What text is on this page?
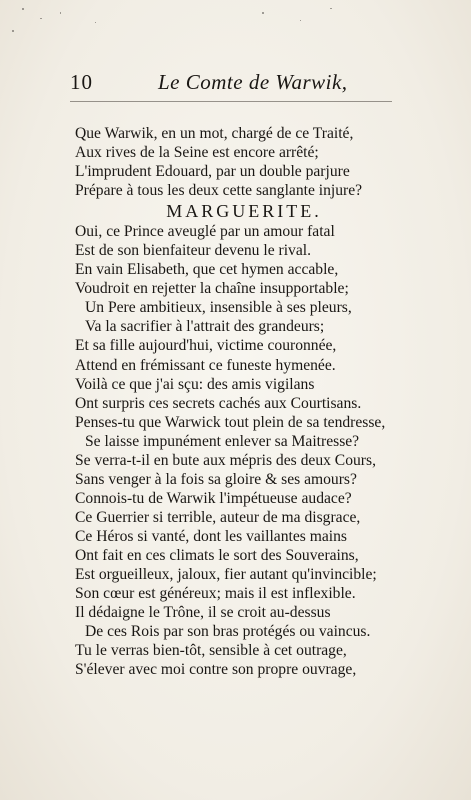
10	Le Comte de Warwik,
Que Warwik, en un mot, chargé de ce Traité,
Aux rives de la Seine est encore arrêté;
L'imprudent Edouard, par un double parjure
Prépare à tous les deux cette sanglante injure?
MARGUERITE.
Oui, ce Prince aveuglé par un amour fatal
Est de son bienfaiteur devenu le rival.
En vain Elisabeth, que cet hymen accable,
Voudroit en rejetter la chaîne insupportable;
Un Pere ambitieux, insensible à ses pleurs,
Va la sacrifier à l'attrait des grandeurs;
Et sa fille aujourd'hui, victime couronnée,
Attend en frémissant ce funeste hymenée.
Voilà ce que j'ai sçu: des amis vigilans
Ont surpris ces secrets cachés aux Courtisans.
Penses-tu que Warwick tout plein de sa tendresse,
Se laisse impunément enlever sa Maitresse?
Se verra-t-il en bute aux mépris des deux Cours,
Sans venger à la fois sa gloire & ses amours?
Connois-tu de Warwik l'impétueuse audace?
Ce Guerrier si terrible, auteur de ma disgrace,
Ce Héros si vanté, dont les vaillantes mains
Ont fait en ces climats le sort des Souverains,
Est orgueilleux, jaloux, fier autant qu'invincible;
Son cœur est généreux; mais il est inflexible.
Il dédaigne le Trône, il se croit au-dessus
De ces Rois par son bras protégés ou vaincus.
Tu le verras bien-tôt, sensible à cet outrage,
S'élever avec moi contre son propre ouvrage,
